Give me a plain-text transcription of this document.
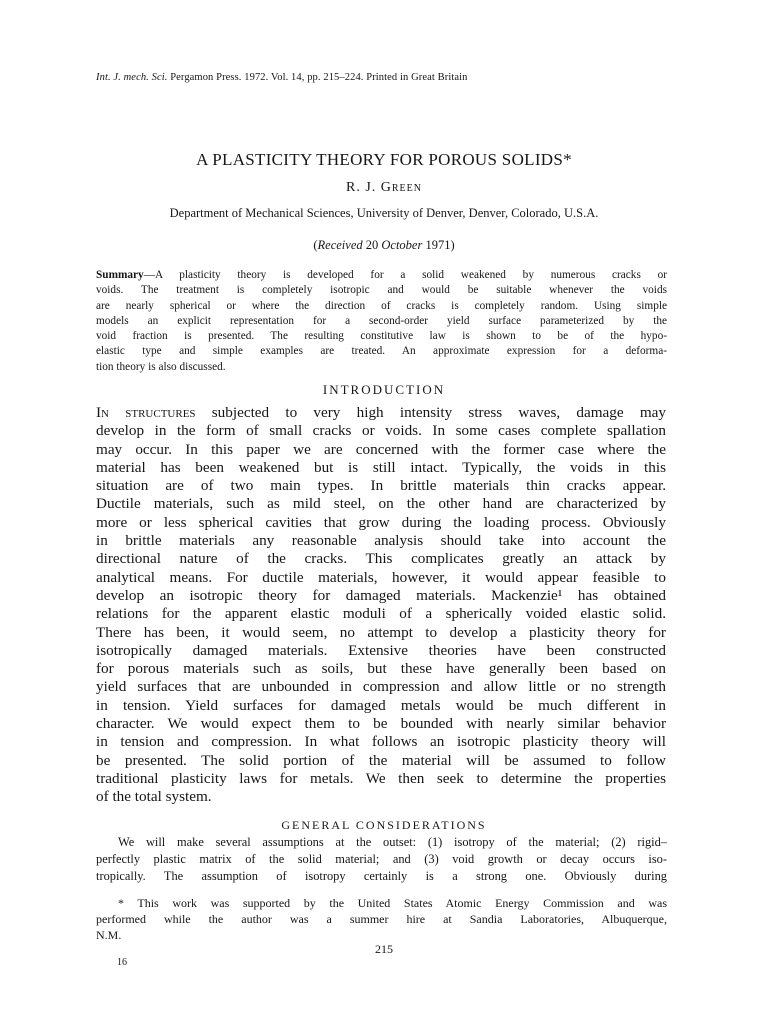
Int. J. mech. Sci. Pergamon Press. 1972. Vol. 14, pp. 215–224. Printed in Great Britain
A PLASTICITY THEORY FOR POROUS SOLIDS*
R. J. Green
Department of Mechanical Sciences, University of Denver, Denver, Colorado, U.S.A.
(Received 20 October 1971)
Summary—A plasticity theory is developed for a solid weakened by numerous cracks or
voids. The treatment is completely isotropic and would be suitable whenever the voids
are nearly spherical or where the direction of cracks is completely random. Using simple
models an explicit representation for a second-order yield surface parameterized by the
void fraction is presented. The resulting constitutive law is shown to be of the hypo-
elastic type and simple examples are treated. An approximate expression for a deforma-
tion theory is also discussed.
INTRODUCTION
In structures subjected to very high intensity stress waves, damage may
develop in the form of small cracks or voids. In some cases complete spallation
may occur. In this paper we are concerned with the former case where the
material has been weakened but is still intact. Typically, the voids in this
situation are of two main types. In brittle materials thin cracks appear.
Ductile materials, such as mild steel, on the other hand are characterized by
more or less spherical cavities that grow during the loading process. Obviously
in brittle materials any reasonable analysis should take into account the
directional nature of the cracks. This complicates greatly an attack by
analytical means. For ductile materials, however, it would appear feasible to
develop an isotropic theory for damaged materials. Mackenzie¹ has obtained
relations for the apparent elastic moduli of a spherically voided elastic solid.
There has been, it would seem, no attempt to develop a plasticity theory for
isotropically damaged materials. Extensive theories have been constructed
for porous materials such as soils, but these have generally been based on
yield surfaces that are unbounded in compression and allow little or no strength
in tension. Yield surfaces for damaged metals would be much different in
character. We would expect them to be bounded with nearly similar behavior
in tension and compression. In what follows an isotropic plasticity theory will
be presented. The solid portion of the material will be assumed to follow
traditional plasticity laws for metals. We then seek to determine the properties
of the total system.
GENERAL CONSIDERATIONS
We will make several assumptions at the outset: (1) isotropy of the material; (2) rigid–
perfectly plastic matrix of the solid material; and (3) void growth or decay occurs iso-
tropically. The assumption of isotropy certainly is a strong one. Obviously during
* This work was supported by the United States Atomic Energy Commission and was
performed while the author was a summer hire at Sandia Laboratories, Albuquerque,
N.M.
215
16
